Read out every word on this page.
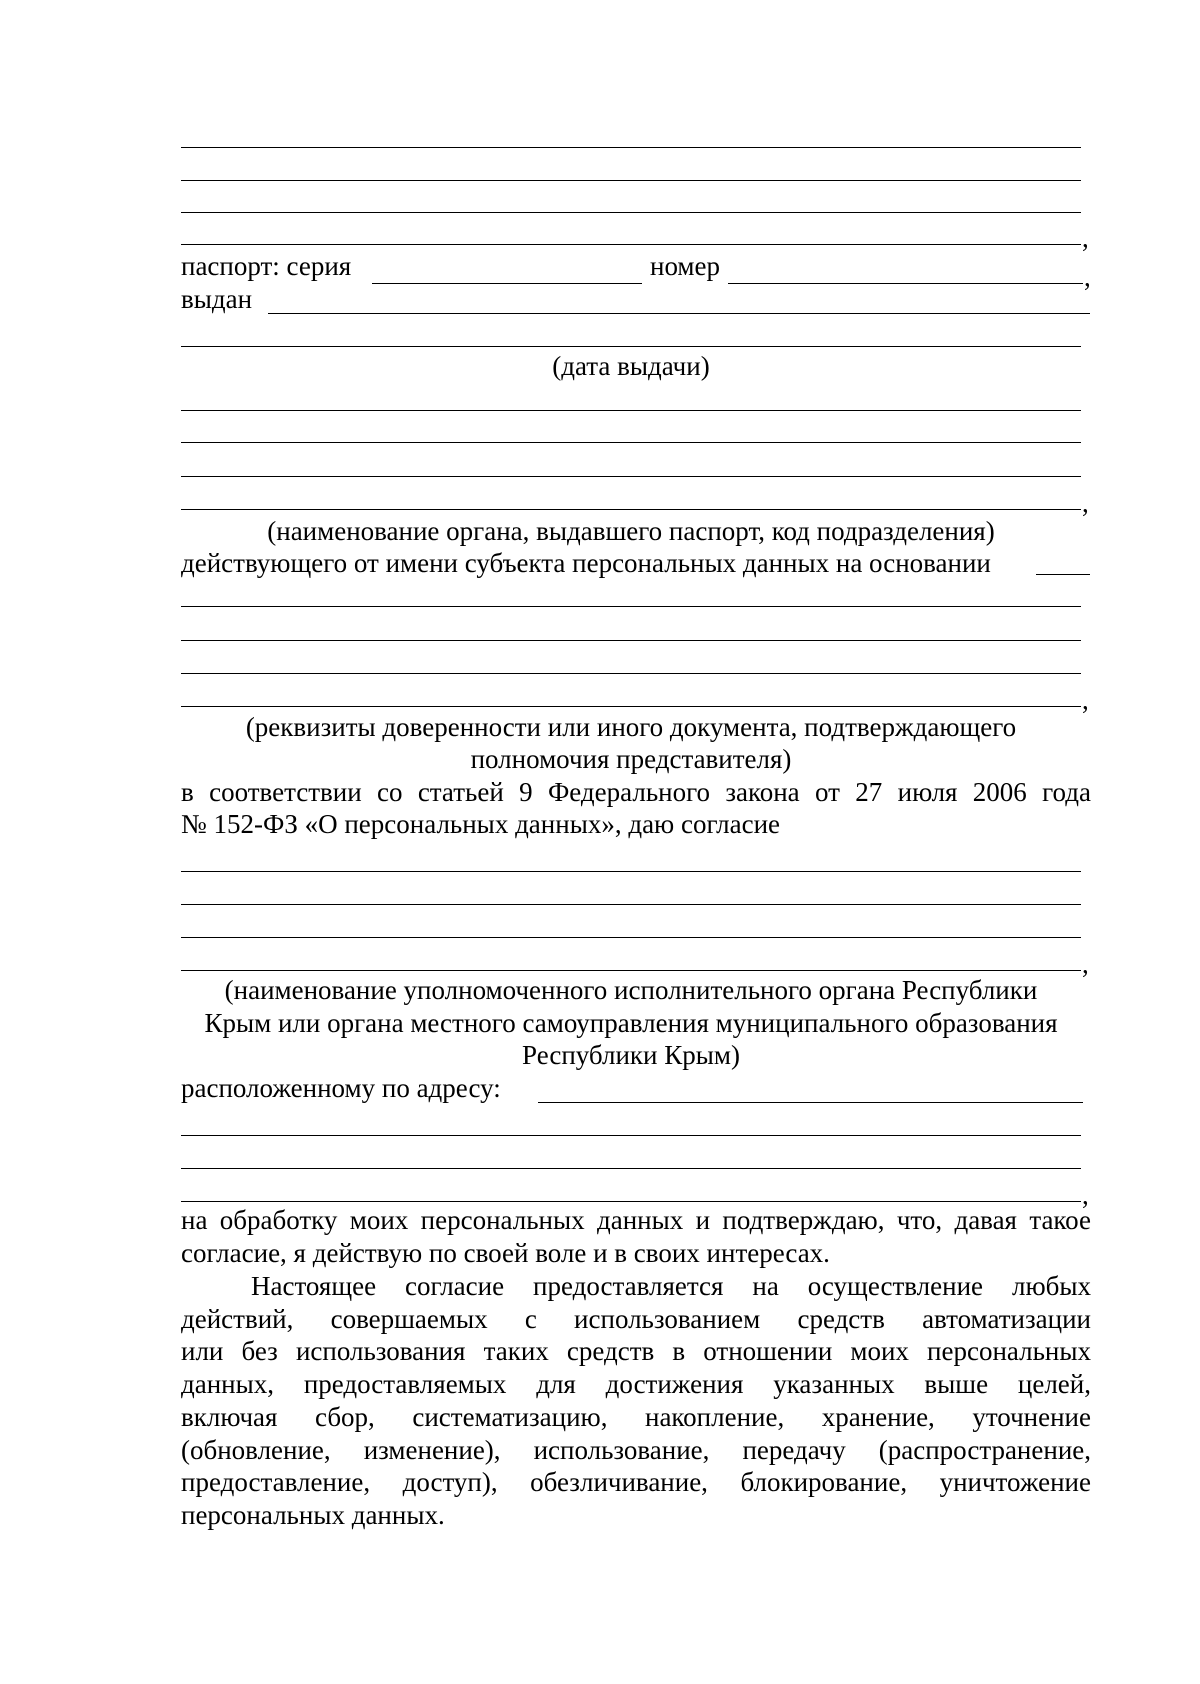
,
паспорт: серия	номер	,
выдан
(дата выдачи)
,
(наименование органа, выдавшего паспорт, код подразделения)
действующего от имени субъекта персональных данных на основании
,
(реквизиты доверенности или иного документа, подтверждающего
полномочия представителя)
в соответствии со статьей 9 Федерального закона от 27 июля 2006 года
№ 152-ФЗ «О персональных данных», даю согласие
,
(наименование уполномоченного исполнительного органа Республики
Крым или органа местного самоуправления муниципального образования
Республики Крым)
расположенному по адресу:
,
на обработку моих персональных данных и подтверждаю, что, давая такое
согласие, я действую по своей воле и в своих интересах.
Настоящее согласие предоставляется на осуществление любых
действий, совершаемых с использованием средств автоматизации
или без использования таких средств в отношении моих персональных
данных, предоставляемых для достижения указанных выше целей,
включая сбор, систематизацию, накопление, хранение, уточнение
(обновление, изменение), использование, передачу (распространение,
предоставление, доступ), обезличивание, блокирование, уничтожение
персональных данных.
